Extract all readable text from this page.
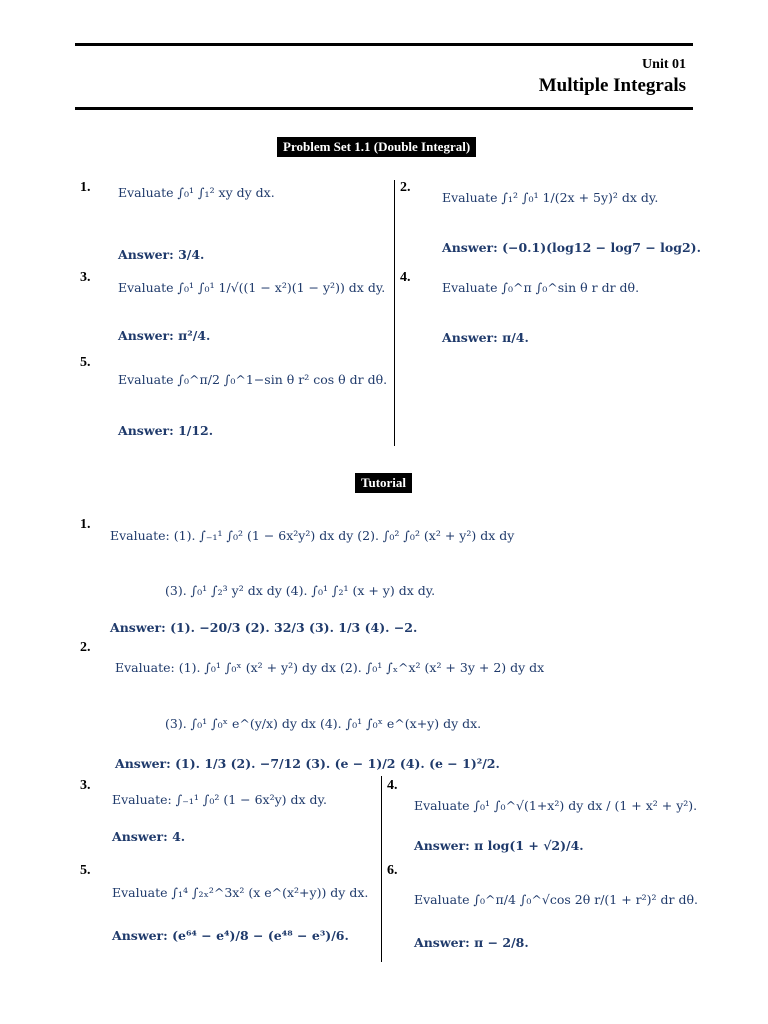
Unit 01
Multiple Integrals
Problem Set 1.1 (Double Integral)
1. Evaluate ∫₀¹ ∫₁² xy dy dx.
Answer: 3/4.
2.
Evaluate ∫₁² ∫₀¹ 1/(2x + 5y)² dx dy.
Answer: (−0.1)(log12 − log7 − log2).
3.
Evaluate ∫₀¹ ∫₀¹ 1/√((1 − x²)(1 − y²)) dx dy.
Answer: π²/4.
4.
Evaluate ∫₀^π ∫₀^sin θ r dr dθ.
Answer: π/4.
5.
Evaluate ∫₀^π/2 ∫₀^1−sin θ r² cos θ dr dθ.
Answer: 1/12.
Tutorial
1.
Evaluate: (1). ∫₋₁¹ ∫₀² (1 − 6x²y²) dx dy (2). ∫₀² ∫₀² (x² + y²) dx dy
(3). ∫₀¹ ∫₂³ y² dx dy (4). ∫₀¹ ∫₂¹ (x + y) dx dy.
Answer: (1). −20/3 (2). 32/3 (3). 1/3 (4). −2.
2.
Evaluate: (1). ∫₀¹ ∫₀ˣ (x² + y²) dy dx (2). ∫₀¹ ∫ₓ^x² (x² + 3y + 2) dy dx
(3). ∫₀¹ ∫₀ˣ e^(y/x) dy dx (4). ∫₀¹ ∫₀ˣ e^(x+y) dy dx.
Answer: (1). 1/3 (2). −7/12 (3). (e − 1)/2 (4). (e − 1)²/2.
3.
Evaluate: ∫₋₁¹ ∫₀² (1 − 6x²y) dx dy.
Answer: 4.
4.
Evaluate ∫₀¹ ∫₀^√(1+x²) dy dx / (1 + x² + y²).
Answer: π log(1 + √2)/4.
5.
Evaluate ∫₁⁴ ∫₂ₓ²^3x² (x e^(x²+y)) dy dx.
Answer: (e⁶⁴ − e⁴)/8 − (e⁴⁸ − e³)/6.
6.
Evaluate ∫₀^π/4 ∫₀^√cos 2θ r/(1 + r²)² dr dθ.
Answer: π − 2/8.
